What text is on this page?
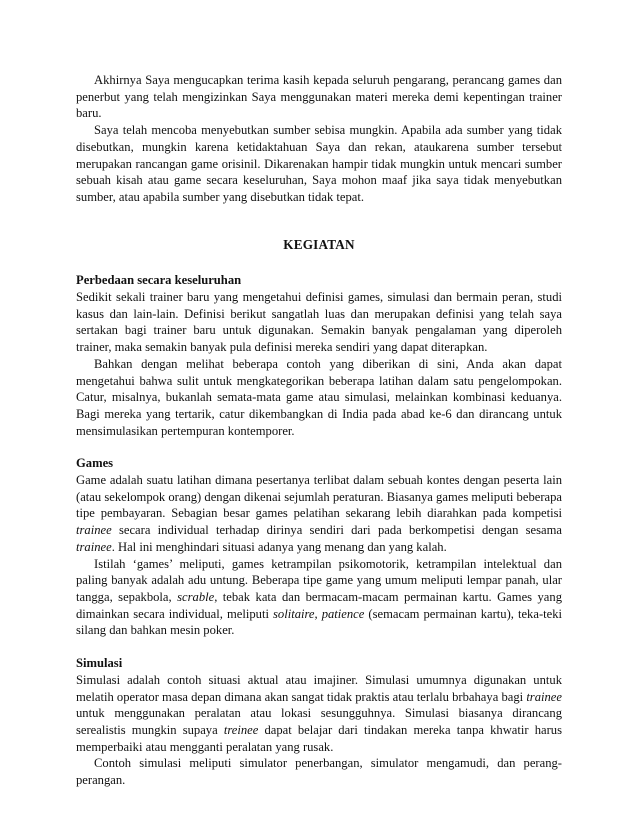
Akhirnya Saya mengucapkan terima kasih kepada seluruh pengarang, perancang games dan penerbut yang telah mengizinkan Saya menggunakan materi mereka demi kepentingan trainer baru.

Saya telah mencoba menyebutkan sumber sebisa mungkin. Apabila ada sumber yang tidak disebutkan, mungkin karena ketidaktahuan Saya dan rekan, ataukarena sumber tersebut merupakan rancangan game orisinil. Dikarenakan hampir tidak mungkin untuk mencari sumber sebuah kisah atau game secara keseluruhan, Saya mohon maaf jika saya tidak menyebutkan sumber, atau apabila sumber yang disebutkan tidak tepat.

KEGIATAN
Perbedaan secara keseluruhan

Sedikit sekali trainer baru yang mengetahui definisi games, simulasi dan bermain peran, studi kasus dan lain-lain. Definisi berikut sangatlah luas dan merupakan definisi yang telah saya sertakan bagi trainer baru untuk digunakan. Semakin banyak pengalaman yang diperoleh trainer, maka semakin banyak pula definisi mereka sendiri yang dapat diterapkan.

Bahkan dengan melihat beberapa contoh yang diberikan di sini, Anda akan dapat mengetahui bahwa sulit untuk mengkategorikan beberapa latihan dalam satu pengelompokan. Catur, misalnya, bukanlah semata-mata game atau simulasi, melainkan kombinasi keduanya. Bagi mereka yang tertarik, catur dikembangkan di India pada abad ke-6 dan dirancang untuk mensimulasikan pertempuran kontemporer.

Games

Game adalah suatu latihan dimana pesertanya terlibat dalam sebuah kontes dengan peserta lain (atau sekelompok orang) dengan dikenai sejumlah peraturan. Biasanya games meliputi beberapa tipe pembayaran. Sebagian besar games pelatihan sekarang lebih diarahkan pada kompetisi trainee secara individual terhadap dirinya sendiri dari pada berkompetisi dengan sesama trainee. Hal ini menghindari situasi adanya yang menang dan yang kalah.

Istilah ‘games’ meliputi, games ketrampilan psikomotorik, ketrampilan intelektual dan paling banyak adalah adu untung. Beberapa tipe game yang umum meliputi lempar panah, ular tangga, sepakbola, scrable, tebak kata dan bermacam-macam permainan kartu. Games yang dimainkan secara individual, meliputi solitaire, patience (semacam permainan kartu), teka-teki silang dan bahkan mesin poker.

Simulasi

Simulasi adalah contoh situasi aktual atau imajiner. Simulasi umumnya digunakan untuk melatih operator masa depan dimana akan sangat tidak praktis atau terlalu brbahaya bagi trainee untuk menggunakan peralatan atau lokasi sesungguhnya. Simulasi biasanya dirancang serealistis mungkin supaya treinee dapat belajar dari tindakan mereka tanpa khwatir harus memperbaiki atau mengganti peralatan yang rusak.

Contoh simulasi meliputi simulator penerbangan, simulator mengamudi, dan perang-perangan.
